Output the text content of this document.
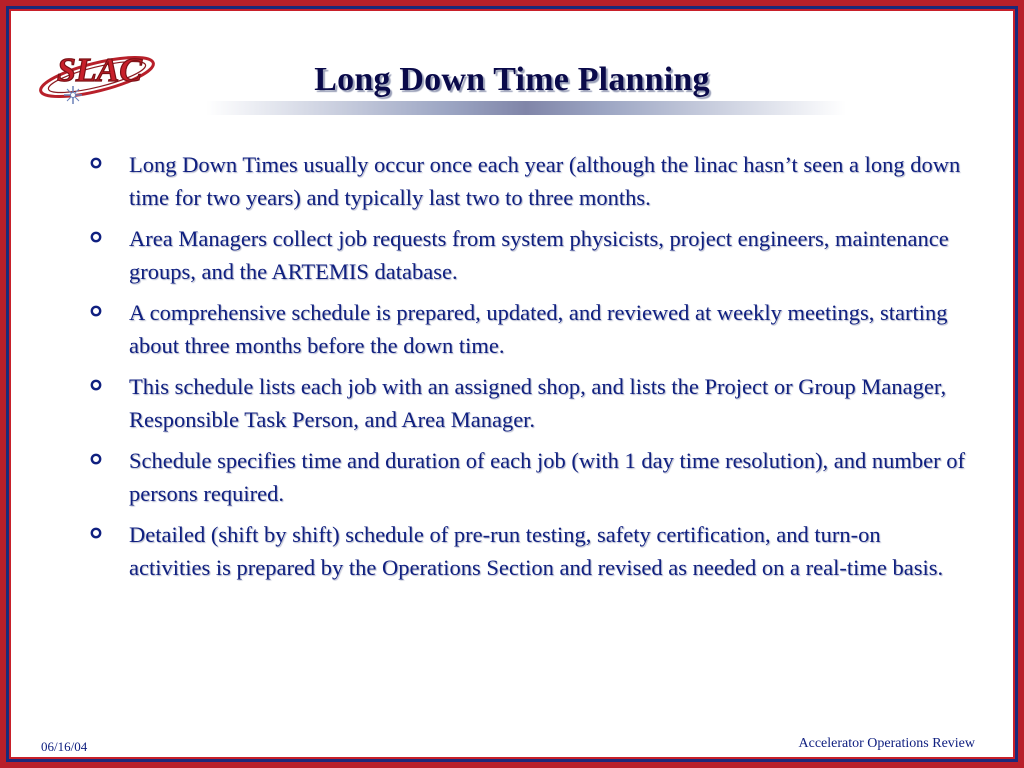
SLAC	Long Down Time Planning
Long Down Times usually occur once each year (although the linac hasn’t seen a long down time for two years) and typically last two to three months.
Area Managers collect job requests from system physicists, project engineers, maintenance groups, and the ARTEMIS database.
A comprehensive schedule is prepared, updated, and reviewed at weekly meetings, starting about three months before the down time.
This schedule lists each job with an assigned shop, and lists the Project or Group Manager, Responsible Task Person, and Area Manager.
Schedule specifies time and duration of each job (with 1 day time resolution), and number of persons required.
Detailed (shift by shift) schedule of pre-run testing, safety certification, and turn-on activities is prepared by the Operations Section and revised as needed on a real-time basis.
06/16/04	Accelerator Operations Review
